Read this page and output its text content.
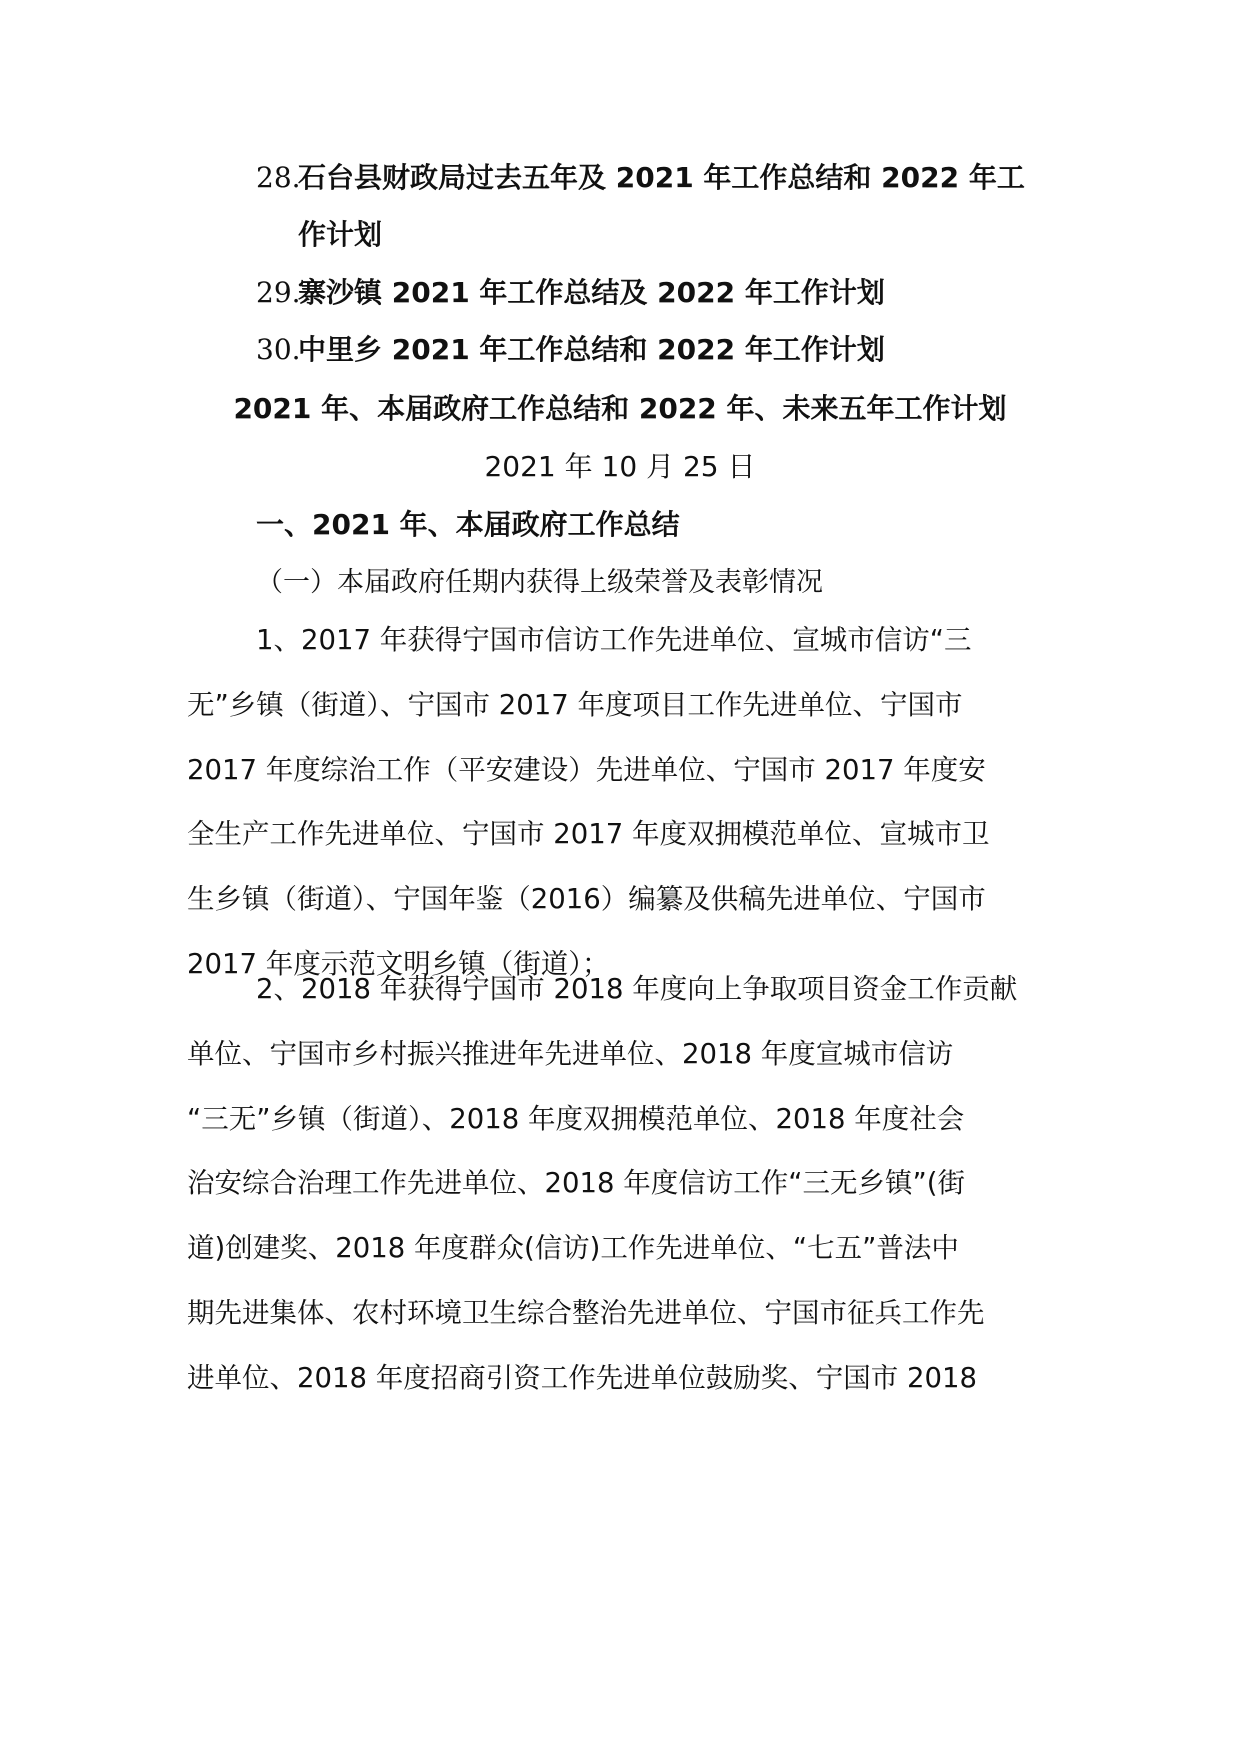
28.石台县财政局过去五年及 2021 年工作总结和 2022 年工
作计划
29.寨沙镇 2021 年工作总结及 2022 年工作计划
30.中里乡 2021 年工作总结和 2022 年工作计划
2021 年、本届政府工作总结和 2022 年、未来五年工作计划
2021 年 10 月 25 日
一、2021 年、本届政府工作总结
（一）本届政府任期内获得上级荣誉及表彰情况
1、2017 年获得宁国市信访工作先进单位、宣城市信访“三
无”乡镇（街道）、宁国市 2017 年度项目工作先进单位、宁国市
2017 年度综治工作（平安建设）先进单位、宁国市 2017 年度安
全生产工作先进单位、宁国市 2017 年度双拥模范单位、宣城市卫
生乡镇（街道）、宁国年鉴（2016）编纂及供稿先进单位、宁国市
2017 年度示范文明乡镇（街道）；
2、2018 年获得宁国市 2018 年度向上争取项目资金工作贡献
单位、宁国市乡村振兴推进年先进单位、2018 年度宣城市信访
“三无”乡镇（街道）、2018 年度双拥模范单位、2018 年度社会
治安综合治理工作先进单位、2018 年度信访工作“三无乡镇”(街
道)创建奖、2018 年度群众(信访)工作先进单位、“七五”普法中
期先进集体、农村环境卫生综合整治先进单位、宁国市征兵工作先
进单位、2018 年度招商引资工作先进单位鼓励奖、宁国市 2018
